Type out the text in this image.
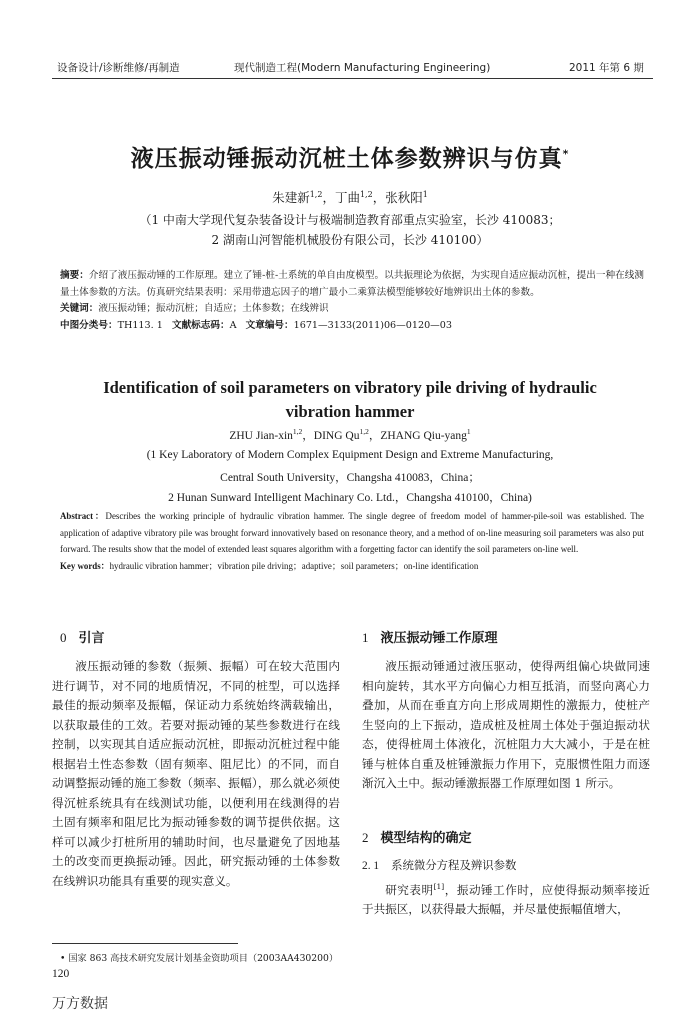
设备设计/诊断维修/再制造	现代制造工程(Modern Manufacturing Engineering)	2011 年第 6 期
液压振动锤振动沉桩土体参数辨识与仿真*
朱建新$^{1,2}$，丁曲$^{1,2}$，张秋阳$^1$
（1 中南大学现代复杂装备设计与极端制造教育部重点实验室，长沙 410083；
2 湖南山河智能机械股份有限公司，长沙 410100）
摘要：介绍了液压振动锤的工作原理。建立了锤-桩-土系统的单自由度模型。以共振理论为依据，为实现自适应振动沉桩，提出一种在线测量土体参数的方法。仿真研究结果表明：采用带遗忘因子的增广最小二乘算法模型能够较好地辨识出土体的参数。
关键词：液压振动锤；振动沉桩；自适应；土体参数；在线辨识
中图分类号：TH113. 1 文献标志码：A 文章编号：1671—3133(2011)06—0120—03
Identification of soil parameters on vibratory pile driving of hydraulic
vibration hammer
ZHU Jian-xin$^{1,2}$，DING Qu$^{1,2}$，ZHANG Qiu-yang$^1$
(1 Key Laboratory of Modern Complex Equipment Design and Extreme Manufacturing,
Central South University，Changsha 410083，China；
2 Hunan Sunward Intelligent Machinary Co. Ltd.，Changsha 410100，China)
Abstract：Describes the working principle of hydraulic vibration hammer. The single degree of freedom model of hammer-pile-soil was established. The application of adaptive vibratory pile was brought forward innovatively based on resonance theory, and a method of on-line measuring soil parameters was also put forward. The results show that the model of extended least squares algorithm with a forgetting factor can identify the soil parameters on-line well.
Key words：hydraulic vibration hammer；vibration pile driving；adaptive；soil parameters；on-line identification
0 引言
液压振动锤的参数（振频、振幅）可在较大范围内进行调节，对不同的地质情况，不同的桩型，可以选择最佳的振动频率及振幅，保证动力系统始终满载输出，以获取最佳的工效。若要对振动锤的某些参数进行在线控制，以实现其自适应振动沉桩，即振动沉桩过程中能根据岩土性态参数（固有频率、阻尼比）的不同，而自动调整振动锤的施工参数（频率、振幅），那么就必须使得沉桩系统具有在线测试功能，以便利用在线测得的岩土固有频率和阻尼比为振动锤参数的调节提供依据。这样可以减少打桩所用的辅助时间，也尽量避免了因地基土的改变而更换振动锤。因此，研究振动锤的土体参数在线辨识功能具有重要的现实意义。
1 液压振动锤工作原理
液压振动锤通过液压驱动，使得两组偏心块做同速相向旋转，其水平方向偏心力相互抵消，而竖向离心力叠加，从而在垂直方向上形成周期性的激振力，使桩产生竖向的上下振动，造成桩及桩周土体处于强迫振动状态，使得桩周土体液化，沉桩阻力大大减小，于是在桩锤与桩体自重及桩锤激振力作用下，克服惯性阻力而逐渐沉入土中。振动锤激振器工作原理如图 1 所示。
2 模型结构的确定
2. 1 系统微分方程及辨识参数
研究表明[1]，振动锤工作时，应使得振动频率接近于共振区，以获得最大振幅，并尽量使振幅值增大，
• 国家 863 高技术研究发展计划基金资助项目（2003AA430200）
120
万方数据
